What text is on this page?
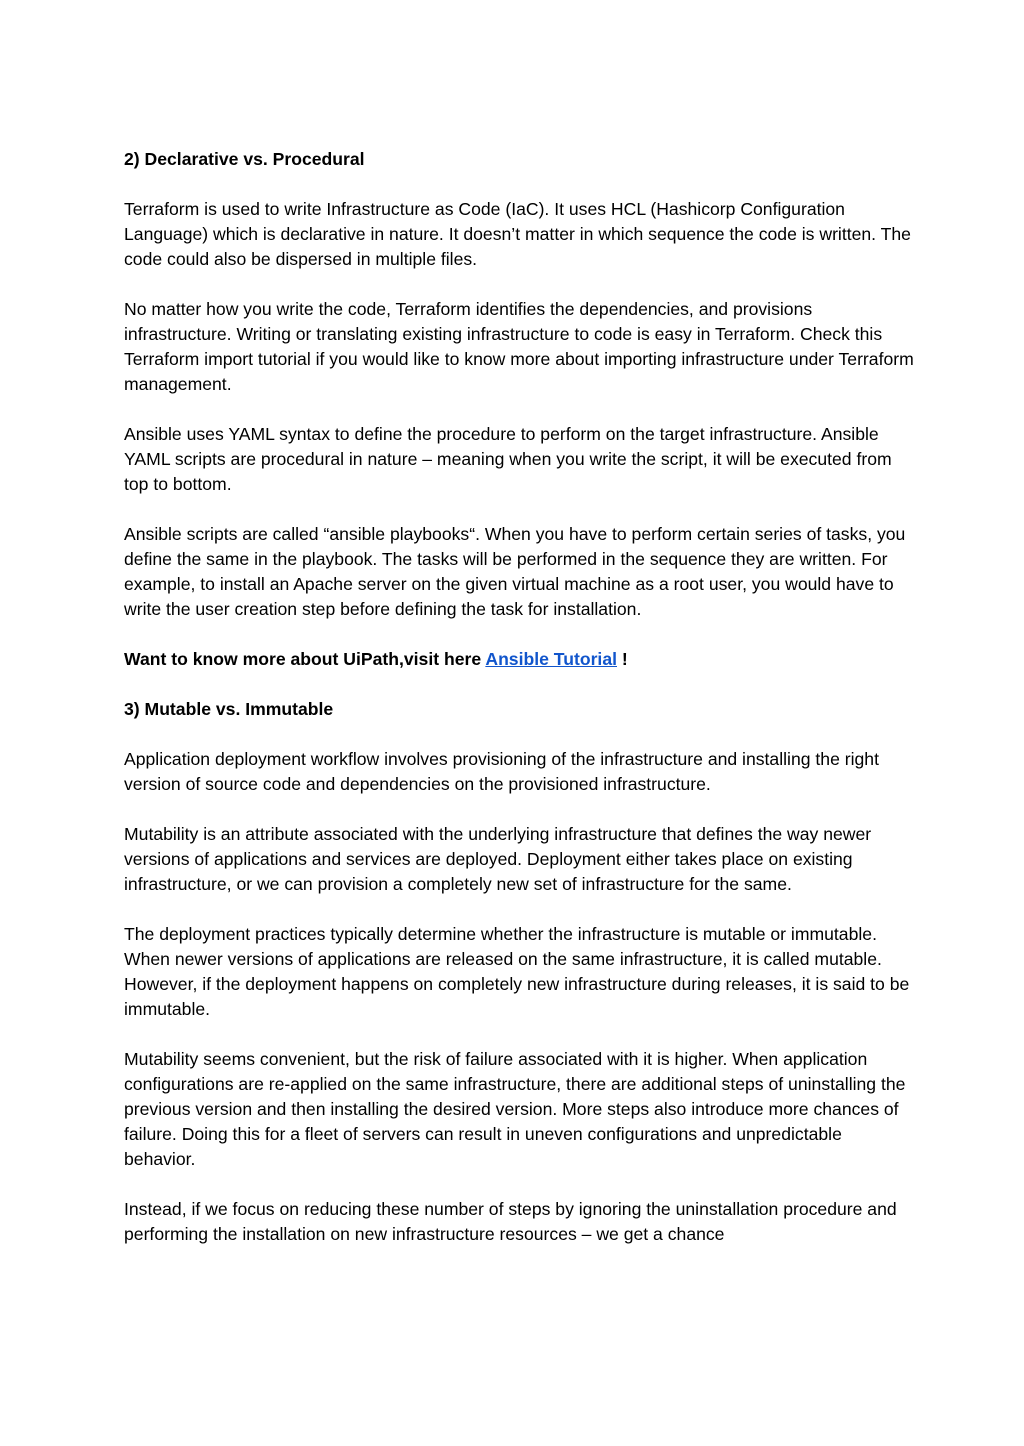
2) Declarative vs. Procedural

Terraform is used to write Infrastructure as Code (IaC). It uses HCL (Hashicorp Configuration Language) which is declarative in nature. It doesn’t matter in which sequence the code is written. The code could also be dispersed in multiple files.

No matter how you write the code, Terraform identifies the dependencies, and provisions infrastructure. Writing or translating existing infrastructure to code is easy in Terraform. Check this Terraform import tutorial if you would like to know more about importing infrastructure under Terraform management.

Ansible uses YAML syntax to define the procedure to perform on the target infrastructure. Ansible YAML scripts are procedural in nature – meaning when you write the script, it will be executed from top to bottom.

Ansible scripts are called “ansible playbooks“. When you have to perform certain series of tasks, you define the same in the playbook. The tasks will be performed in the sequence they are written. For example, to install an Apache server on the given virtual machine as a root user, you would have to write the user creation step before defining the task for installation.

Want to know more about UiPath,visit here Ansible Tutorial !

3) Mutable vs. Immutable

Application deployment workflow involves provisioning of the infrastructure and installing the right version of source code and dependencies on the provisioned infrastructure.

Mutability is an attribute associated with the underlying infrastructure that defines the way newer versions of applications and services are deployed. Deployment either takes place on existing infrastructure, or we can provision a completely new set of infrastructure for the same.

The deployment practices typically determine whether the infrastructure is mutable or immutable. When newer versions of applications are released on the same infrastructure, it is called mutable. However, if the deployment happens on completely new infrastructure during releases, it is said to be immutable.

Mutability seems convenient, but the risk of failure associated with it is higher. When application configurations are re-applied on the same infrastructure, there are additional steps of uninstalling the previous version and then installing the desired version. More steps also introduce more chances of failure. Doing this for a fleet of servers can result in uneven configurations and unpredictable behavior.

Instead, if we focus on reducing these number of steps by ignoring the uninstallation procedure and performing the installation on new infrastructure resources – we get a chance
